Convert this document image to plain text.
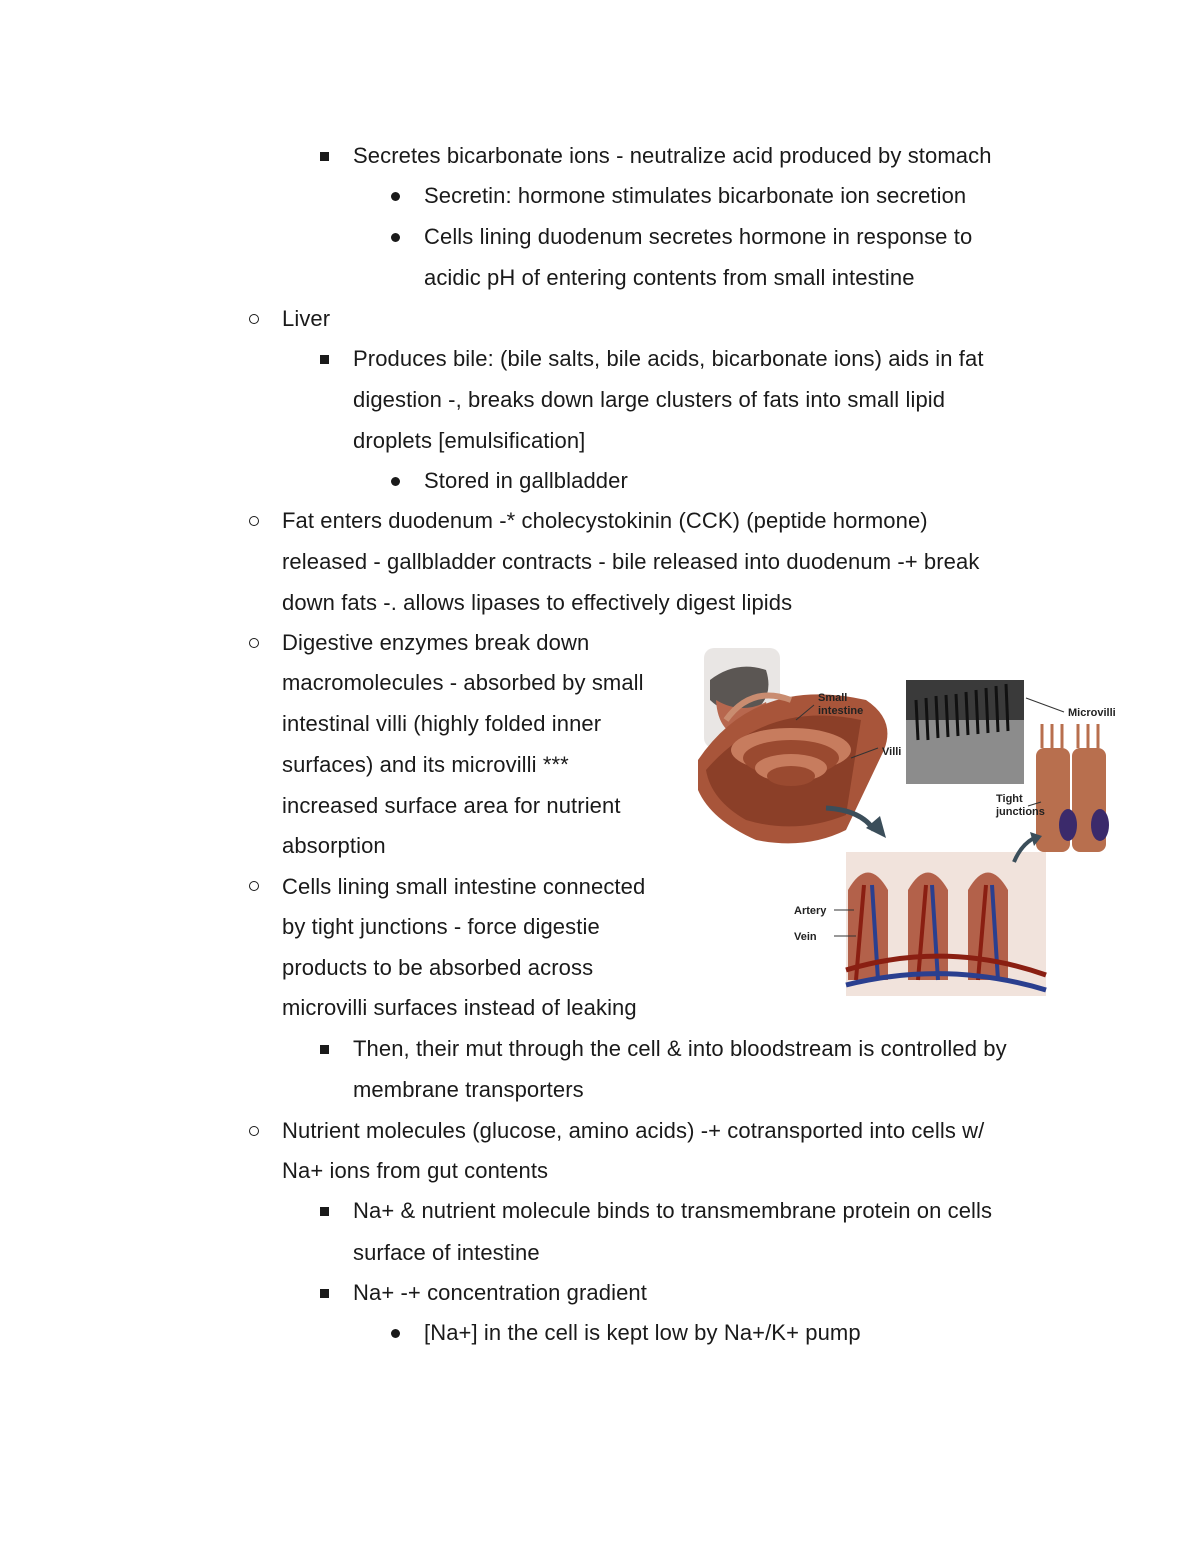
Secretes bicarbonate ions - neutralize acid produced by stomach
Secretin: hormone stimulates bicarbonate ion secretion
Cells lining duodenum secretes hormone in response to
acidic pH of entering contents from small intestine
Liver
Produces bile: (bile salts, bile acids, bicarbonate ions) aids in fat
digestion -, breaks down large clusters of fats into small lipid
droplets [emulsification]
Stored in gallbladder
Fat enters duodenum -* cholecystokinin (CCK) (peptide hormone)
released - gallbladder contracts - bile released into duodenum -+ break
down fats -. allows lipases to effectively digest lipids
Digestive enzymes break down
macromolecules - absorbed by small
intestinal villi (highly folded inner
surfaces) and its microvilli ***
increased surface area for nutrient
absorption
Cells lining small intestine connected
by tight junctions - force digestie
products to be absorbed across
microvilli surfaces instead of leaking
Then, their mut through the cell & into bloodstream is controlled by
membrane transporters
Nutrient molecules (glucose, amino acids) -+ cotransported into cells w/
Na+ ions from gut contents
Na+ & nutrient molecule binds to transmembrane protein on cells
surface of intestine
Na+ -+ concentration gradient
[Na+] in the cell is kept low by Na+/K+ pump
Small
intestine
Villi
Microvilli
Tight
junctions
Artery
Vein
